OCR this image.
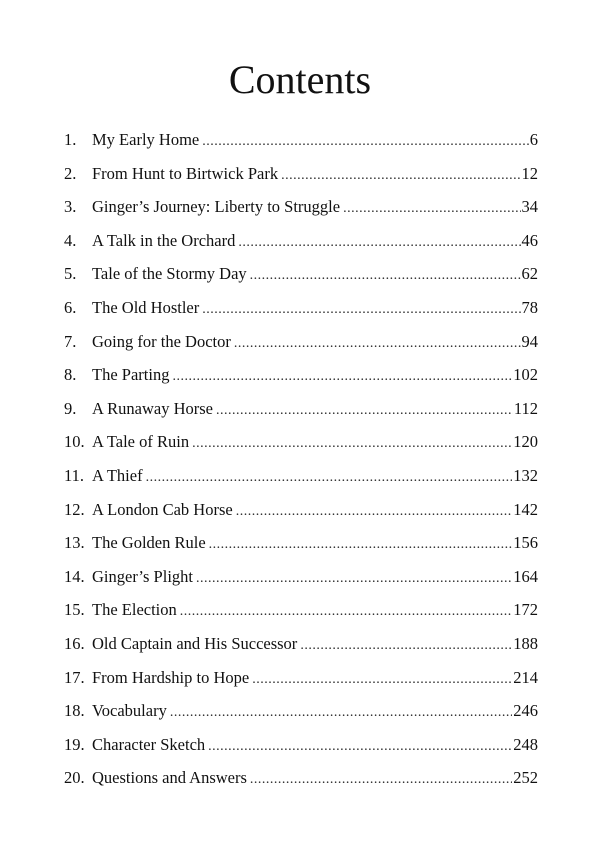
Contents
1. My Early Home .....	6
2. From Hunt to Birtwick Park .....	12
3. Ginger’s Journey: Liberty to Struggle .....	34
4. A Talk in the Orchard .....	46
5. Tale of the Stormy Day .....	62
6. The Old Hostler .....	78
7. Going for the Doctor .....	94
8. The Parting .....	102
9. A Runaway Horse .....	112
10. A Tale of Ruin .....	120
11. A Thief .....	132
12. A London Cab Horse .....	142
13. The Golden Rule .....	156
14. Ginger’s Plight .....	164
15. The Election .....	172
16. Old Captain and His Successor .....	188
17. From Hardship to Hope .....	214
18. Vocabulary .....	246
19. Character Sketch .....	248
20. Questions and Answers .....	252
